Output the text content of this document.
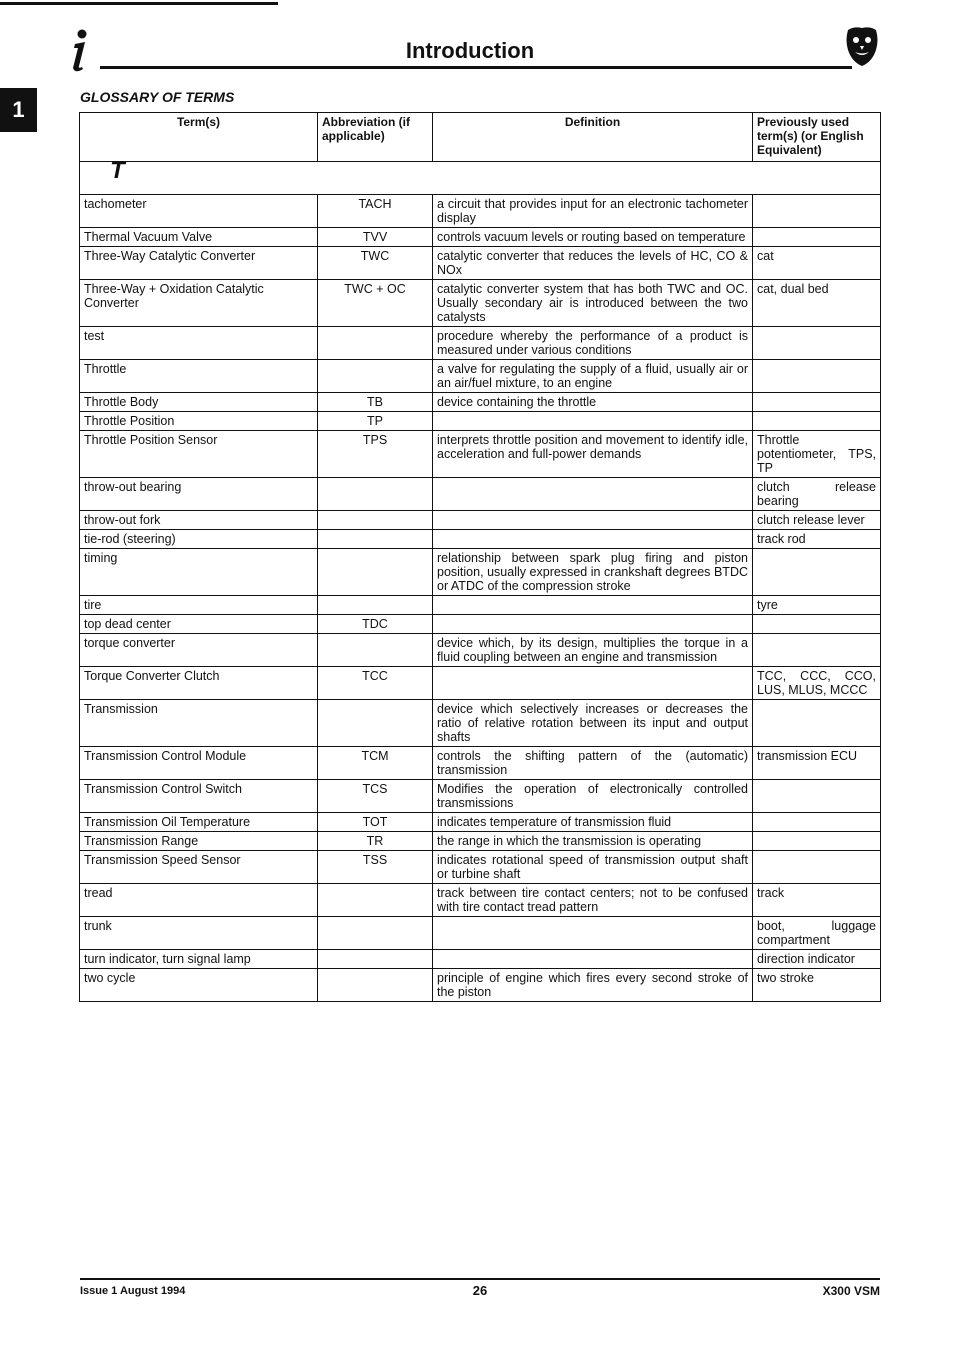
Introduction
1	GLOSSARY OF TERMS
Term(s)	Abbreviation (if applicable)	Definition	Previously used term(s) (or English Equivalent)
T			
tachometer	TACH	a circuit that provides input for an electronic tachometer display	
Thermal Vacuum Valve	TVV	controls vacuum levels or routing based on temperature	
Three-Way Catalytic Converter	TWC	catalytic converter that reduces the levels of HC, CO & NOx	cat
Three-Way + Oxidation Catalytic Converter	TWC + OC	catalytic converter system that has both TWC and OC. Usually secondary air is introduced between the two catalysts	cat, dual bed
test		procedure whereby the performance of a product is measured under various conditions	
Throttle		a valve for regulating the supply of a fluid, usually air or an air/fuel mixture, to an engine	
Throttle Body	TB	device containing the throttle	
Throttle Position	TP		
Throttle Position Sensor	TPS	interprets throttle position and movement to identify idle, acceleration and full-power demands	Throttle potentiometer, TPS, TP
throw-out bearing			clutch release bearing
throw-out fork			clutch release lever
tie-rod (steering)			track rod
timing		relationship between spark plug firing and piston position, usually expressed in crankshaft degrees BTDC or ATDC of the compression stroke	
tire			tyre
top dead center	TDC		
torque converter		device which, by its design, multiplies the torque in a fluid coupling between an engine and transmission	
Torque Converter Clutch	TCC		TCC, CCC, CCO, LUS, MLUS, MCCC
Transmission		device which selectively increases or decreases the ratio of relative rotation between its input and output shafts	
Transmission Control Module	TCM	controls the shifting pattern of the (automatic) transmission	transmission ECU
Transmission Control Switch	TCS	Modifies the operation of electronically controlled transmissions	
Transmission Oil Temperature	TOT	indicates temperature of transmission fluid	
Transmission Range	TR	the range in which the transmission is operating	
Transmission Speed Sensor	TSS	indicates rotational speed of transmission output shaft or turbine shaft	
tread		track between tire contact centers; not to be confused with tire contact tread pattern	track
trunk			boot, luggage compartment
turn indicator, turn signal lamp			direction indicator
two cycle		principle of engine which fires every second stroke of the piston	two stroke
Issue 1 August 1994	26	X300 VSM
